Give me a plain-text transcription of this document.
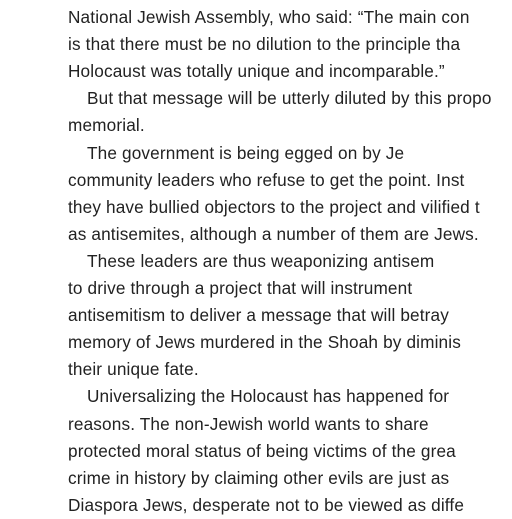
National Jewish Assembly, who said: “The main con
is that there must be no dilution to the principle tha
Holocaust was totally unique and incomparable.”
But that message will be utterly diluted by this propo
memorial.
The government is being egged on by Je
community leaders who refuse to get the point. Inst
they have bullied objectors to the project and vilified t
as antisemites, although a number of them are Jews.
These leaders are thus weaponizing antisem
to drive through a project that will instrument
antisemitism to deliver a message that will betray
memory of Jews murdered in the Shoah by diminis
their unique fate.
Universalizing the Holocaust has happened for
reasons. The non-Jewish world wants to share
protected moral status of being victims of the grea
crime in history by claiming other evils are just as
Diaspora Jews, desperate not to be viewed as diffe
